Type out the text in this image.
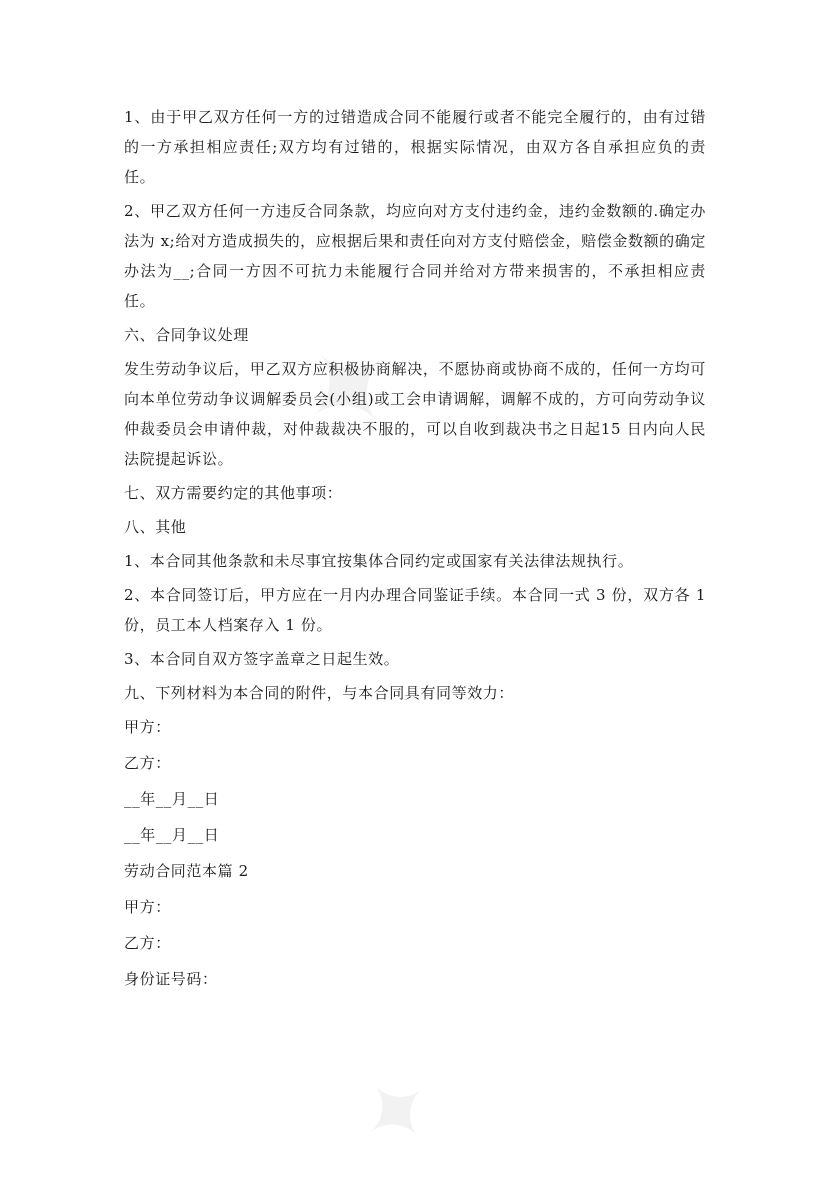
✦
✦

1、由于甲乙双方任何一方的过错造成合同不能履行或者不能完全履行的，由有过错的一方承担相应责任;双方均有过错的，根据实际情况，由双方各自承担应负的责任。

2、甲乙双方任何一方违反合同条款，均应向对方支付违约金，违约金数额的.确定办法为 x;给对方造成损失的，应根据后果和责任向对方支付赔偿金，赔偿金数额的确定办法为__;合同一方因不可抗力未能履行合同并给对方带来损害的，不承担相应责任。

六、合同争议处理

发生劳动争议后，甲乙双方应积极协商解决，不愿协商或协商不成的，任何一方均可向本单位劳动争议调解委员会(小组)或工会申请调解，调解不成的，方可向劳动争议仲裁委员会申请仲裁，对仲裁裁决不服的，可以自收到裁决书之日起15 日内向人民法院提起诉讼。

七、双方需要约定的其他事项：

八、其他

1、本合同其他条款和未尽事宜按集体合同约定或国家有关法律法规执行。

2、本合同签订后，甲方应在一月内办理合同鉴证手续。本合同一式 3 份，双方各 1 份，员工本人档案存入 1 份。

3、本合同自双方签字盖章之日起生效。

九、下列材料为本合同的附件，与本合同具有同等效力：

甲方：
乙方：
__年__月__日
__年__月__日
劳动合同范本篇 2
甲方：
乙方：
身份证号码：
